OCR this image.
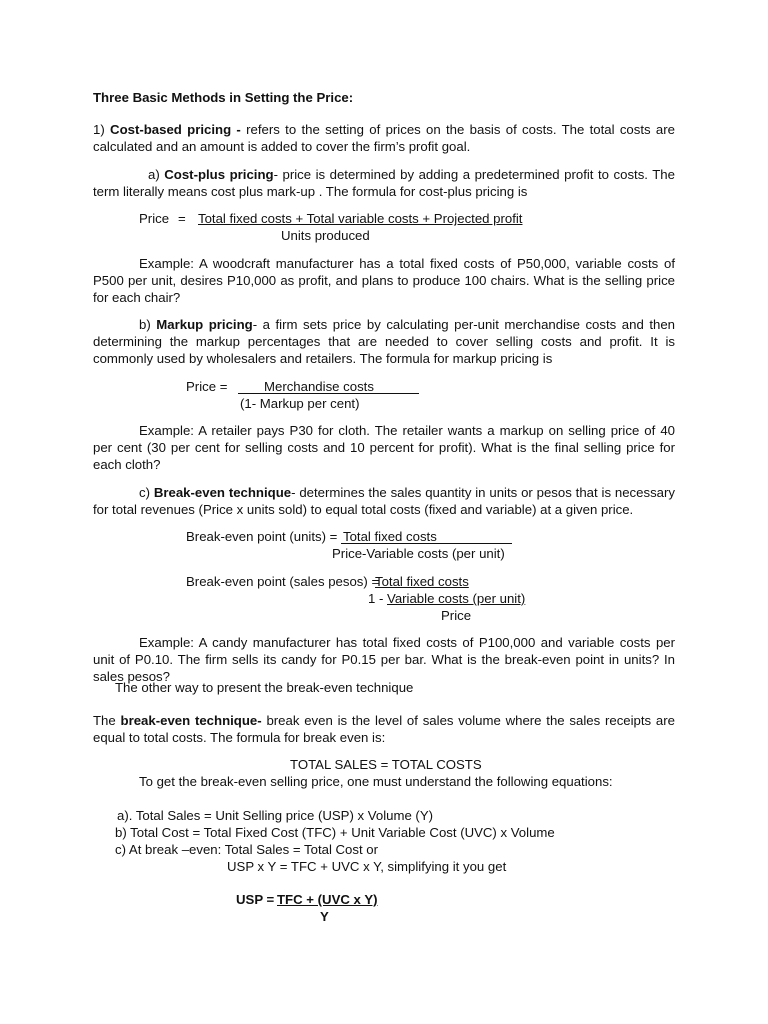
Three Basic Methods in Setting the Price:
1) Cost-based pricing - refers to the setting of prices on the basis of costs. The total costs are calculated and an amount is added to cover the firm’s profit goal.
a) Cost-plus pricing- price is determined by adding a predetermined profit to costs. The term literally means cost plus mark-up . The formula for cost-plus pricing is
Price = Total fixed costs + Total variable costs + Projected profit
Units produced
Example: A woodcraft manufacturer has a total fixed costs of P50,000, variable costs of P500 per unit, desires P10,000 as profit, and plans to produce 100 chairs. What is the selling price for each chair?
b) Markup pricing- a firm sets price by calculating per-unit merchandise costs and then determining the markup percentages that are needed to cover selling costs and profit. It is commonly used by wholesalers and retailers. The formula for markup pricing is
Price =	Merchandise costs
(1- Markup per cent)
Example: A retailer pays P30 for cloth. The retailer wants a markup on selling price of 40 per cent (30 per cent for selling costs and 10 percent for profit). What is the final selling price for each cloth?
c) Break-even technique- determines the sales quantity in units or pesos that is necessary for total revenues (Price x units sold) to equal total costs (fixed and variable) at a given price.
Break-even point (units) = Total fixed costs
Price-Variable costs (per unit)
Break-even point (sales pesos) =
Total fixed costs
1 - Variable costs (per unit)
Price
Example: A candy manufacturer has total fixed costs of P100,000 and variable costs per unit of P0.10. The firm sells its candy for P0.15 per bar. What is the break-even point in units? In sales pesos?
The other way to present the break-even technique
The break-even technique- break even is the level of sales volume where the sales receipts are equal to total costs. The formula for break even is:
TOTAL SALES = TOTAL COSTS
To get the break-even selling price, one must understand the following equations:
a). Total Sales = Unit Selling price (USP) x Volume (Y)
b) Total Cost = Total Fixed Cost (TFC) + Unit Variable Cost (UVC) x Volume
c) At break –even: Total Sales = Total Cost or
USP x Y = TFC + UVC x Y, simplifying it you get
USP = TFC + (UVC x Y)
Y
